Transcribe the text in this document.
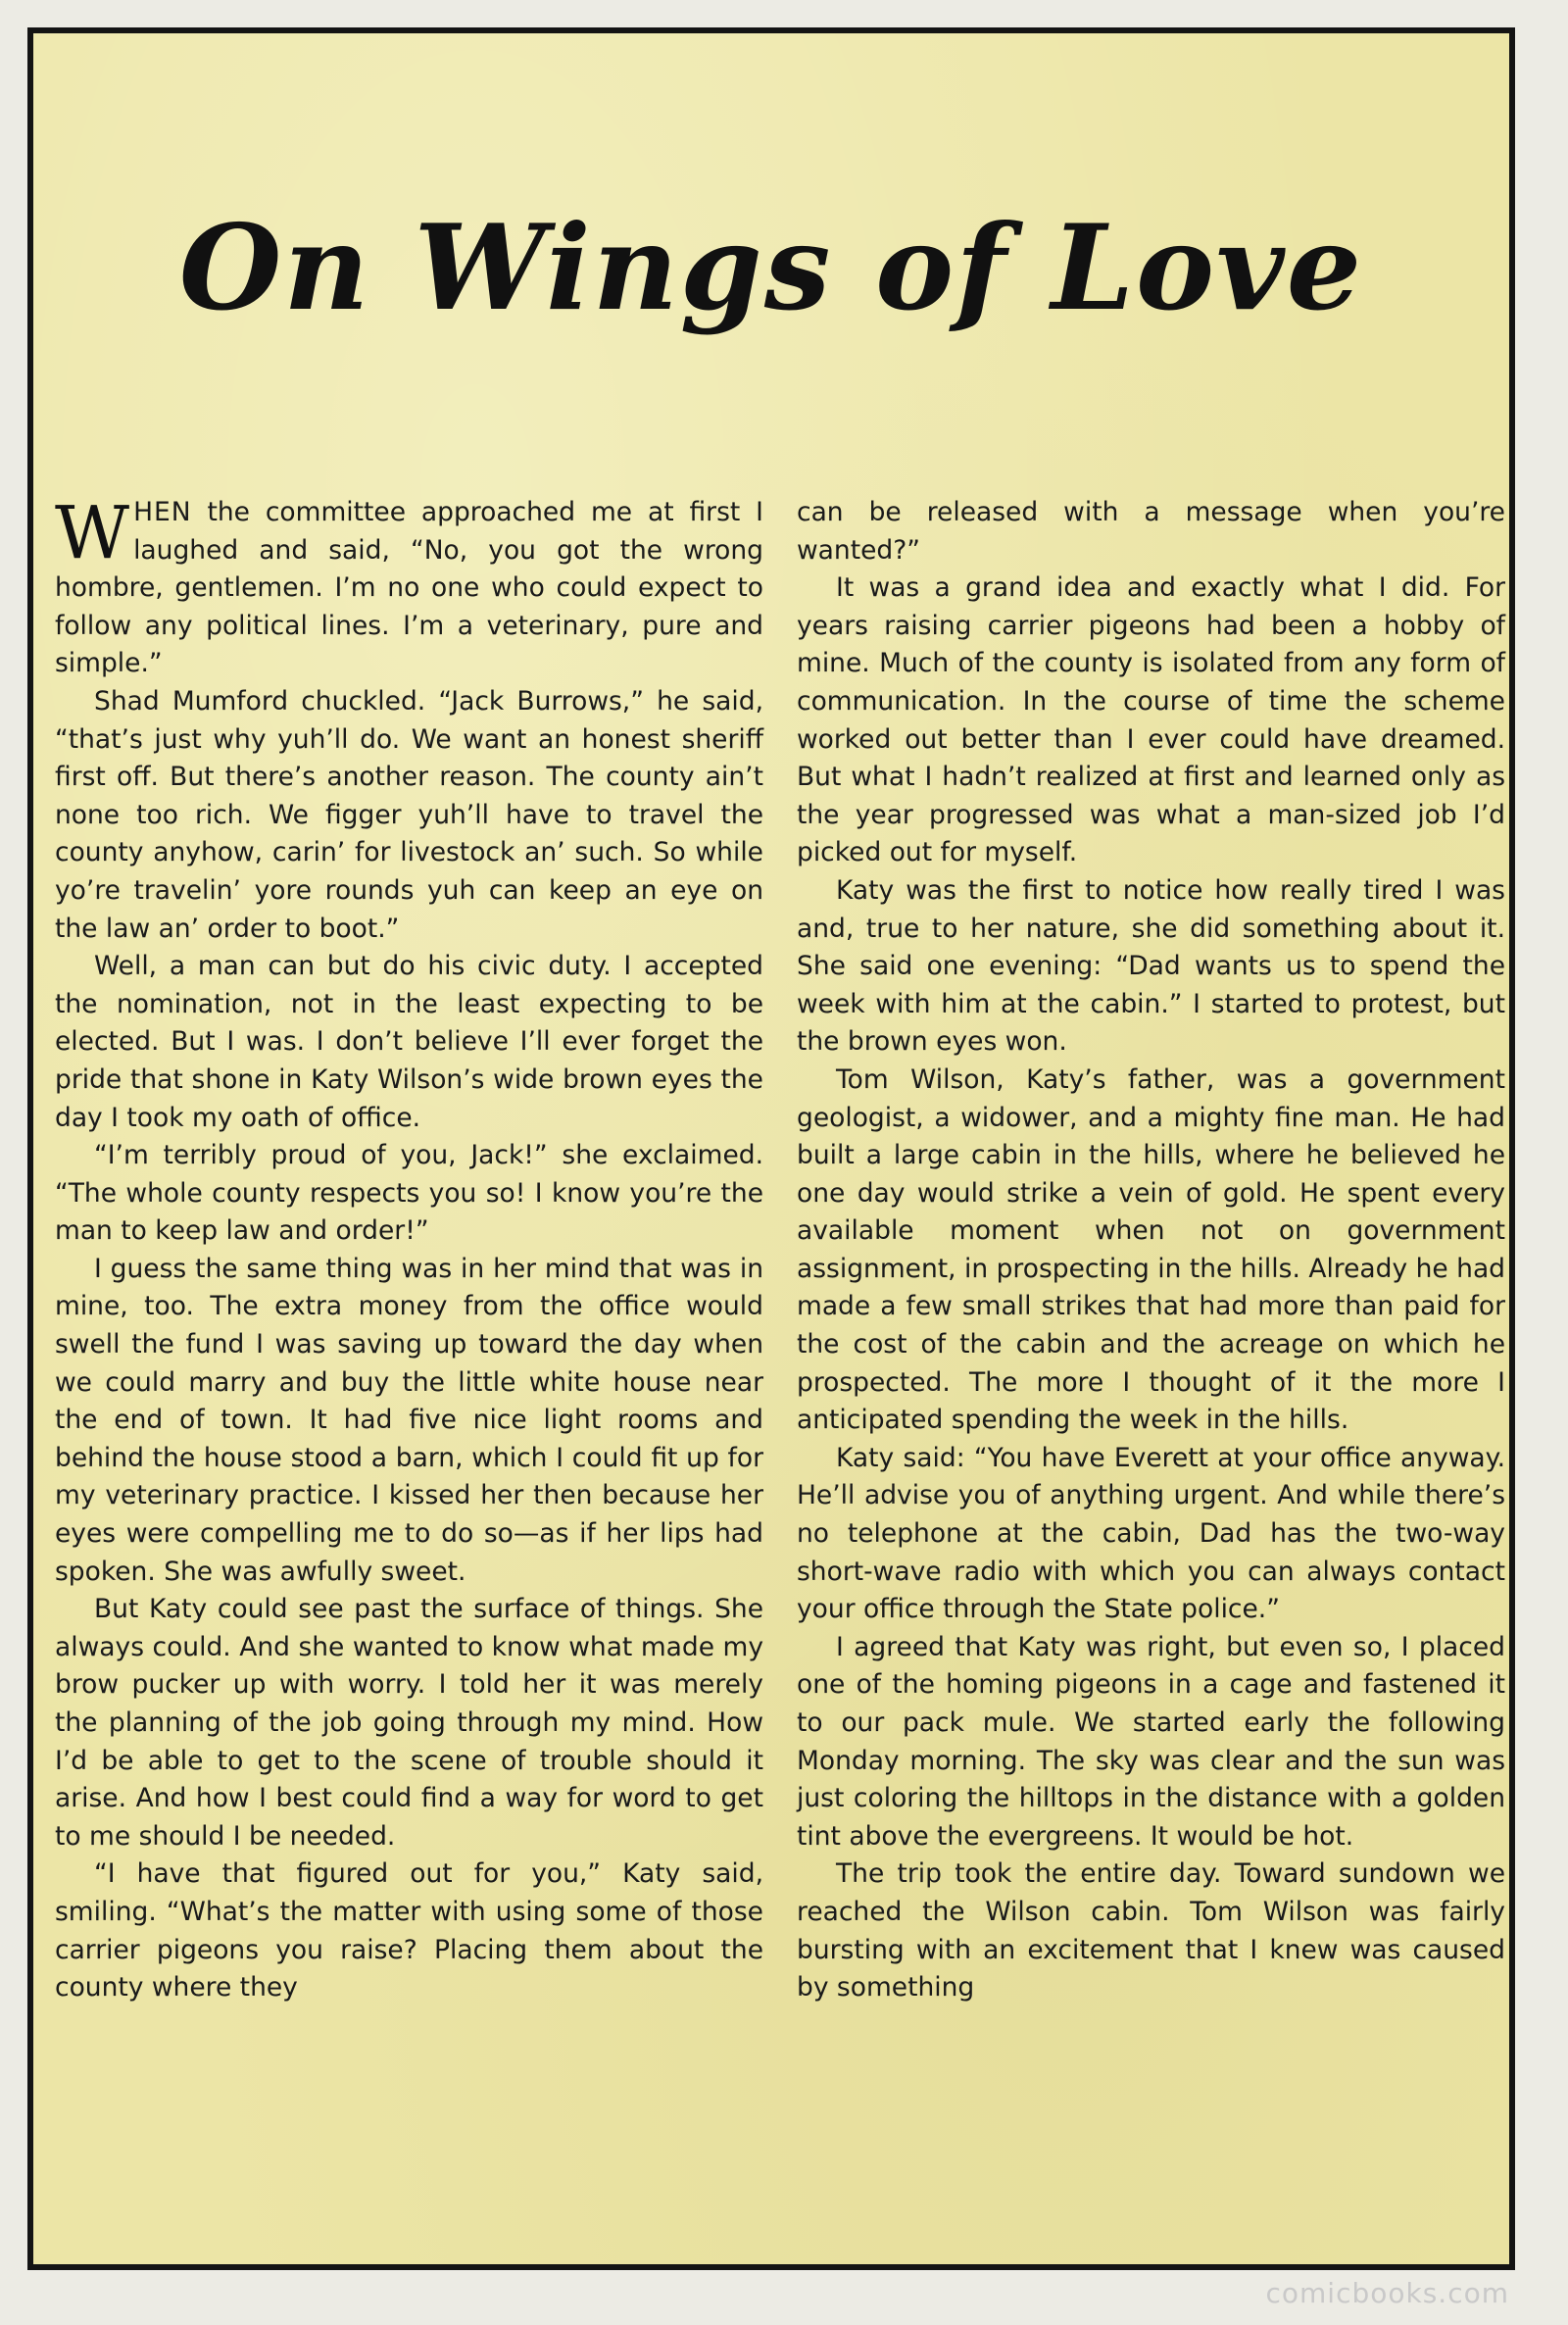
On Wings of Love

WHEN the committee approached me at first I laughed and said, “No, you got the wrong hombre, gentlemen. I’m no one who could expect to follow any political lines. I’m a veterinary, pure and simple.”

Shad Mumford chuckled. “Jack Burrows,” he said, “that’s just why yuh’ll do. We want an honest sheriff first off. But there’s another reason. The county ain’t none too rich. We figger yuh’ll have to travel the county anyhow, carin’ for livestock an’ such. So while yo’re travelin’ yore rounds yuh can keep an eye on the law an’ order to boot.”

Well, a man can but do his civic duty. I accepted the nomination, not in the least expecting to be elected. But I was. I don’t believe I’ll ever forget the pride that shone in Katy Wilson’s wide brown eyes the day I took my oath of office.

“I’m terribly proud of you, Jack!” she exclaimed. “The whole county respects you so! I know you’re the man to keep law and order!”

I guess the same thing was in her mind that was in mine, too. The extra money from the office would swell the fund I was saving up toward the day when we could marry and buy the little white house near the end of town. It had five nice light rooms and behind the house stood a barn, which I could fit up for my veterinary practice. I kissed her then because her eyes were compelling me to do so—as if her lips had spoken. She was awfully sweet.

But Katy could see past the surface of things. She always could. And she wanted to know what made my brow pucker up with worry. I told her it was merely the planning of the job going through my mind. How I’d be able to get to the scene of trouble should it arise. And how I best could find a way for word to get to me should I be needed.

“I have that figured out for you,” Katy said, smiling. “What’s the matter with using some of those carrier pigeons you raise? Placing them about the county where they

can be released with a message when you’re wanted?”

It was a grand idea and exactly what I did. For years raising carrier pigeons had been a hobby of mine. Much of the county is isolated from any form of communication. In the course of time the scheme worked out better than I ever could have dreamed. But what I hadn’t realized at first and learned only as the year progressed was what a man-sized job I’d picked out for myself.

Katy was the first to notice how really tired I was and, true to her nature, she did something about it. She said one evening: “Dad wants us to spend the week with him at the cabin.” I started to protest, but the brown eyes won.

Tom Wilson, Katy’s father, was a government geologist, a widower, and a mighty fine man. He had built a large cabin in the hills, where he believed he one day would strike a vein of gold. He spent every available moment when not on government assignment, in prospecting in the hills. Already he had made a few small strikes that had more than paid for the cost of the cabin and the acreage on which he prospected. The more I thought of it the more I anticipated spending the week in the hills.

Katy said: “You have Everett at your office anyway. He’ll advise you of anything urgent. And while there’s no telephone at the cabin, Dad has the two-way short-wave radio with which you can always contact your office through the State police.”

I agreed that Katy was right, but even so, I placed one of the homing pigeons in a cage and fastened it to our pack mule. We started early the following Monday morning. The sky was clear and the sun was just coloring the hilltops in the distance with a golden tint above the evergreens. It would be hot.

The trip took the entire day. Toward sundown we reached the Wilson cabin. Tom Wilson was fairly bursting with an excitement that I knew was caused by something

comicbooks.com
